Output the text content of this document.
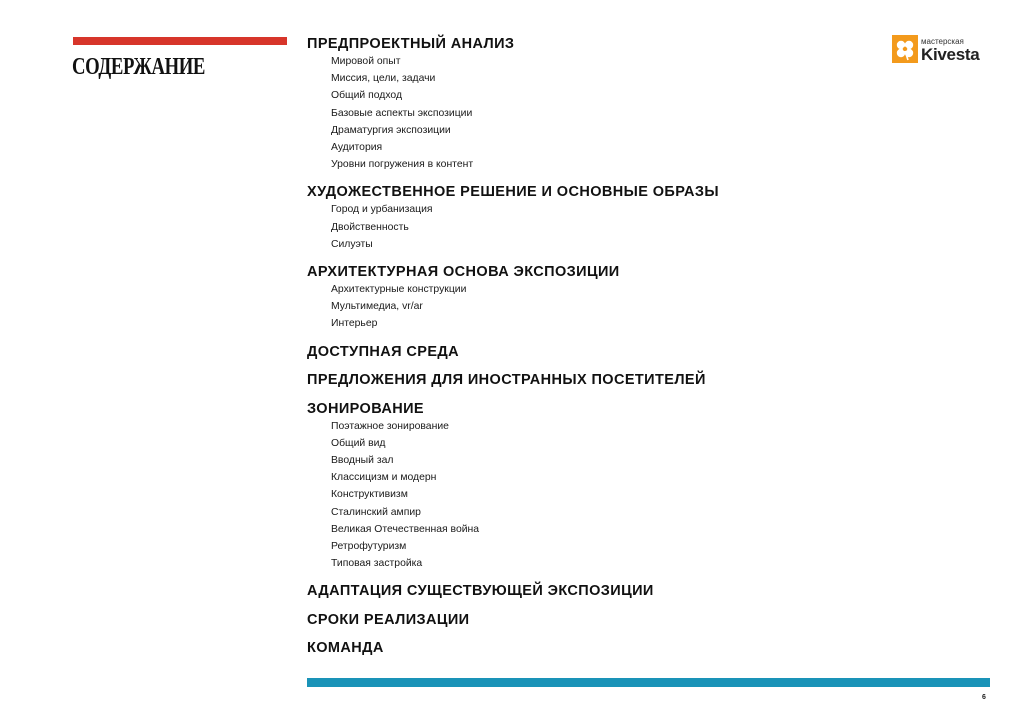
СОДЕРЖАНИЕ
ПРЕДПРОЕКТНЫЙ АНАЛИЗ
Мировой опыт
Миссия, цели, задачи
Общий подход
Базовые аспекты экспозиции
Драматургия экспозиции
Аудитория
Уровни погружения в контент
ХУДОЖЕСТВЕННОЕ РЕШЕНИЕ И ОСНОВНЫЕ ОБРАЗЫ
Город и урбанизация
Двойственность
Силуэты
АРХИТЕКТУРНАЯ ОСНОВА ЭКСПОЗИЦИИ
Архитектурные конструкции
Мультимедиа, vr/ar
Интерьер
ДОСТУПНАЯ СРЕДА
ПРЕДЛОЖЕНИЯ ДЛЯ ИНОСТРАННЫХ ПОСЕТИТЕЛЕЙ
ЗОНИРОВАНИЕ
Поэтажное зонирование
Общий вид
Вводный зал
Классицизм и модерн
Конструктивизм
Сталинский ампир
Великая Отечественная война
Ретрофутуризм
Типовая застройка
АДАПТАЦИЯ СУЩЕСТВУЮЩЕЙ ЭКСПОЗИЦИИ
СРОКИ РЕАЛИЗАЦИИ
КОМАНДА
мастерская
Kivesta
6
